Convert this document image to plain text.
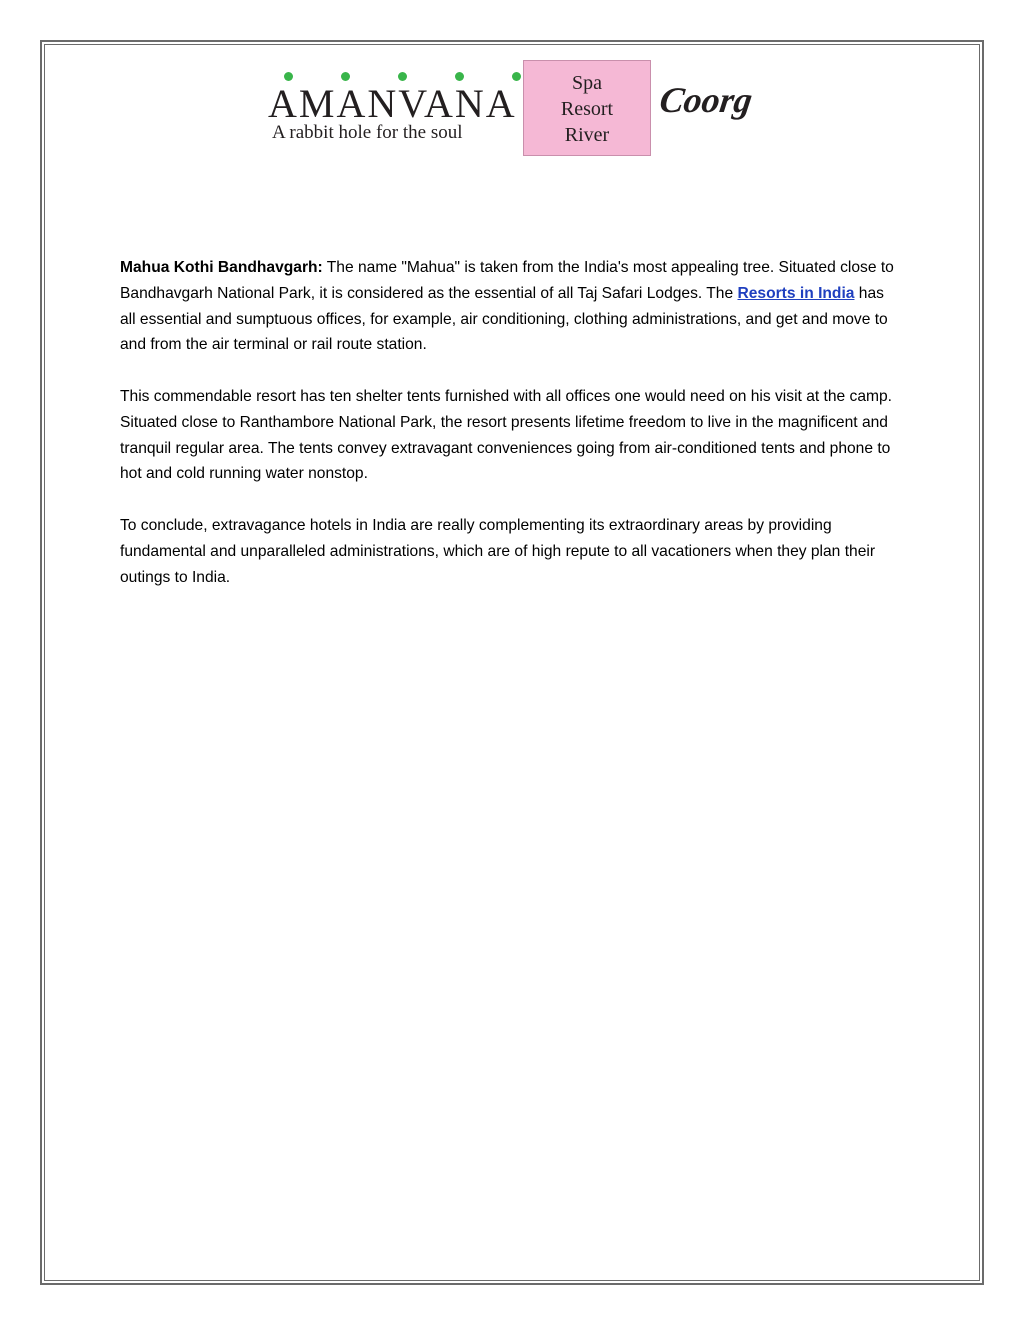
AMANVANA
A rabbit hole for the soul
Spa
Resort
River
Coorg

Mahua Kothi Bandhavgarh: The name "Mahua" is taken from the India's most appealing tree. Situated close to Bandhavgarh National Park, it is considered as the essential of all Taj Safari Lodges. The Resorts in India has all essential and sumptuous offices, for example, air conditioning, clothing administrations, and get and move to and from the air terminal or rail route station.

This commendable resort has ten shelter tents furnished with all offices one would need on his visit at the camp. Situated close to Ranthambore National Park, the resort presents lifetime freedom to live in the magnificent and tranquil regular area. The tents convey extravagant conveniences going from air-conditioned tents and phone to hot and cold running water nonstop.

To conclude, extravagance hotels in India are really complementing its extraordinary areas by providing fundamental and unparalleled administrations, which are of high repute to all vacationers when they plan their outings to India.
